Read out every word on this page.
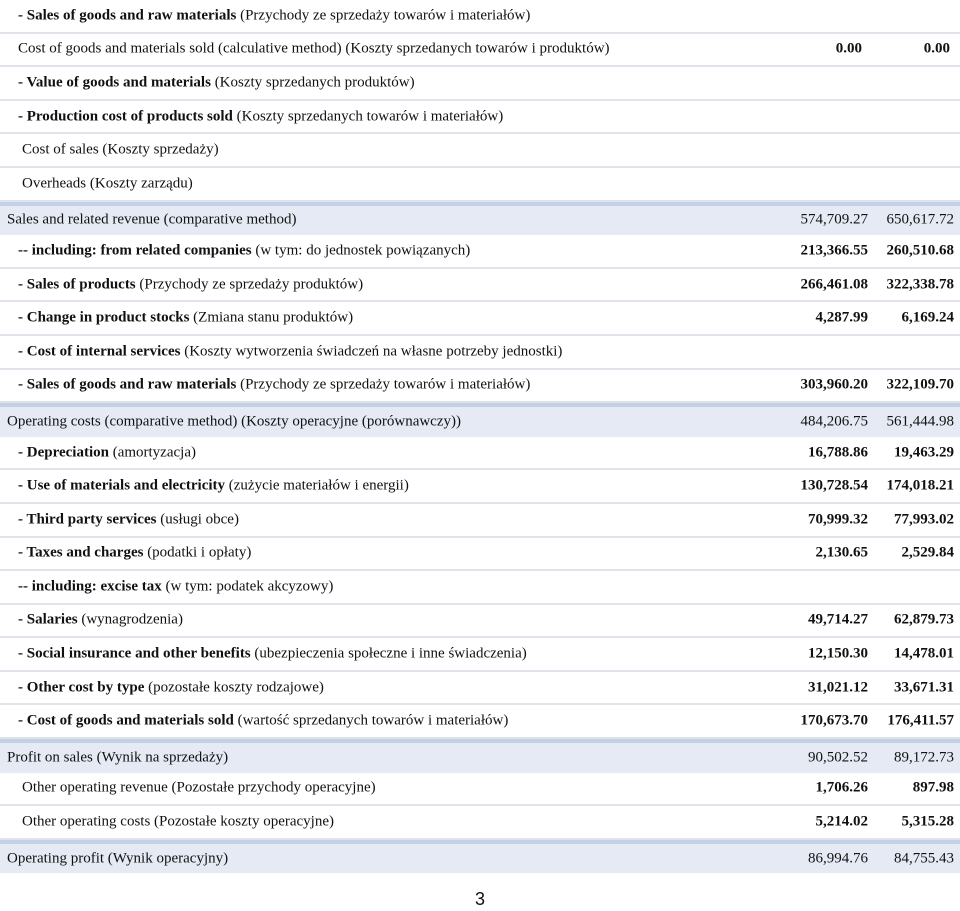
- Sales of goods and raw materials (Przychody ze sprzedaży towarów i materiałów)
Cost of goods and materials sold (calculative method) (Koszty sprzedanych towarów i produktów)	0.00	0.00
- Value of goods and materials (Koszty sprzedanych produktów)
- Production cost of products sold (Koszty sprzedanych towarów i materiałów)
Cost of sales (Koszty sprzedaży)
Overheads (Koszty zarządu)
Sales and related revenue (comparative method)	574,709.27 650,617.72
-- including: from related companies (w tym: do jednostek powiązanych)	213,366.55 260,510.68
- Sales of products (Przychody ze sprzedaży produktów)	266,461.08 322,338.78
- Change in product stocks (Zmiana stanu produktów)	4,287.99 6,169.24
- Cost of internal services (Koszty wytworzenia świadczeń na własne potrzeby jednostki)
- Sales of goods and raw materials (Przychody ze sprzedaży towarów i materiałów)	303,960.20 322,109.70
Operating costs (comparative method) (Koszty operacyjne (porównawczy))	484,206.75 561,444.98
- Depreciation (amortyzacja)	16,788.86 19,463.29
- Use of materials and electricity (zużycie materiałów i energii)	130,728.54 174,018.21
- Third party services (usługi obce)	70,999.32 77,993.02
- Taxes and charges (podatki i opłaty)	2,130.65 2,529.84
-- including: excise tax (w tym: podatek akcyzowy)
- Salaries (wynagrodzenia)	49,714.27 62,879.73
- Social insurance and other benefits (ubezpieczenia społeczne i inne świadczenia)	12,150.30 14,478.01
- Other cost by type (pozostałe koszty rodzajowe)	31,021.12 33,671.31
- Cost of goods and materials sold (wartość sprzedanych towarów i materiałów)	170,673.70 176,411.57
Profit on sales (Wynik na sprzedaży)	90,502.52 89,172.73
Other operating revenue (Pozostałe przychody operacyjne)	1,706.26	897.98
Other operating costs (Pozostałe koszty operacyjne)	5,214.02 5,315.28
Operating profit (Wynik operacyjny)	86,994.76 84,755.43
3
